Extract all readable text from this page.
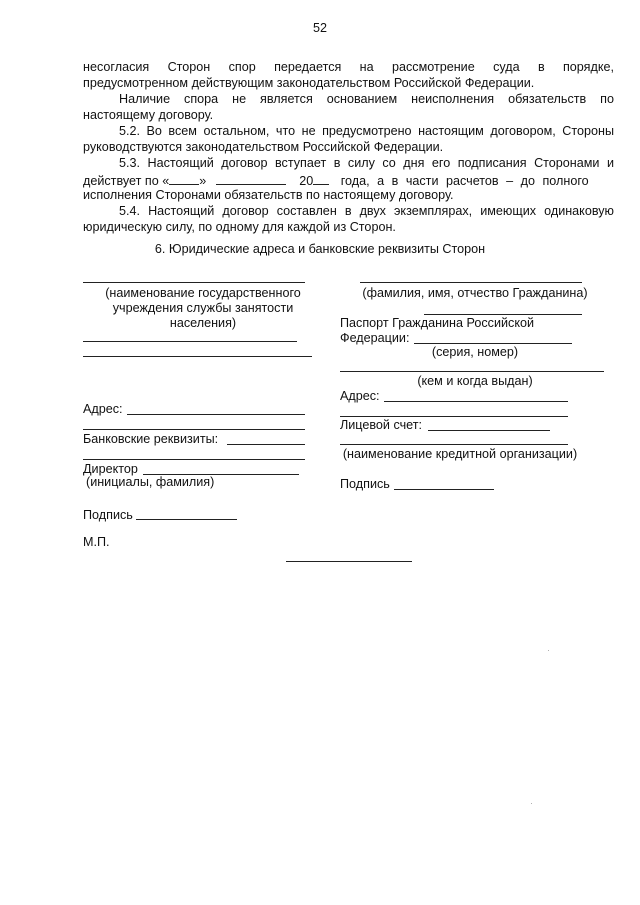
52
несогласия Сторон спор передается на рассмотрение суда в порядке,
предусмотренном действующим законодательством Российской Федерации.
Наличие спора не является основанием неисполнения обязательств по
настоящему договору.
5.2. Во всем остальном, что не предусмотрено настоящим договором, Стороны
руководствуются законодательством Российской Федерации.
5.3. Настоящий договор вступает в силу со дня его подписания Сторонами и
действует по « »	20 года, а в части расчетов – до полного
исполнения Сторонами обязательств по настоящему договору.
5.4. Настоящий договор составлен в двух экземплярах, имеющих одинаковую
юридическую силу, по одному для каждой из Сторон.
6. Юридические адреса и банковские реквизиты Сторон
(наименование государственного
учреждения службы занятости
населения)
Адрес:
Банковские реквизиты:
Директор
(инициалы, фамилия)
Подпись
М.П.
(фамилия, имя, отчество Гражданина)
Паспорт Гражданина Российской
Федерации:
(серия, номер)
(кем и когда выдан)
Адрес:
Лицевой счет:
(наименование кредитной организации)
Подпись
